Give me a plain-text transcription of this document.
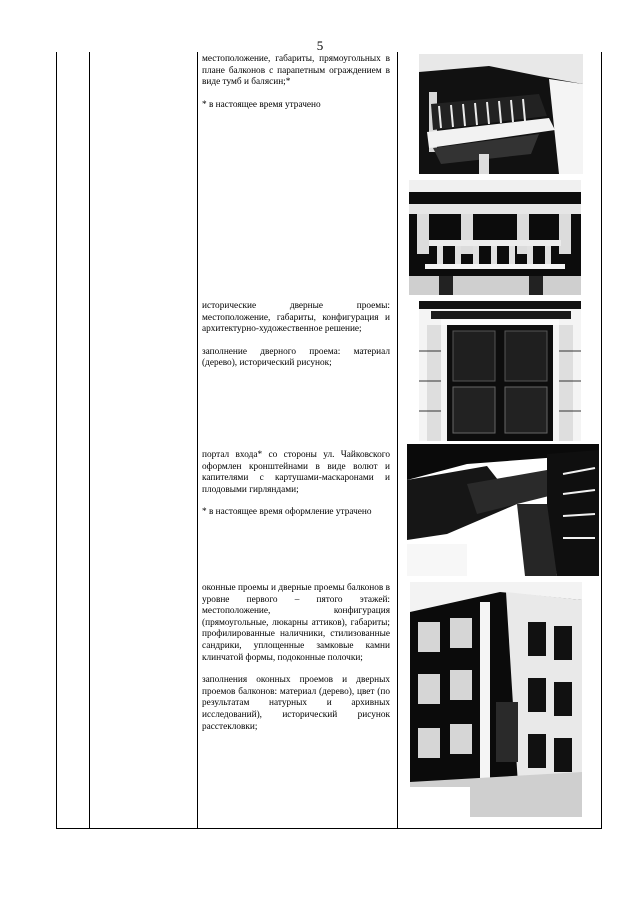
5

местоположение, габариты, прямоугольных в плане балконов с парапетным ограждением в виде тумб и балясин;*

* в настоящее время утрачено

исторические дверные проемы: местоположение, габариты, конфигурация и архитектурно-художественное решение;

заполнение дверного проема: материал (дерево), исторический рисунок;

портал входа* со стороны ул. Чайковского оформлен кронштейнами в виде волют и капителями с картушами-маскаронами и плодовыми гирляндами;

* в настоящее время оформление утрачено

оконные проемы и дверные проемы балконов в уровне первого – пятого этажей: местоположение, конфигурация (прямоугольные, люкарны аттиков), габариты; профилированные наличники, стилизованные сандрики, уплощенные замковые камни клинчатой формы, подоконные полочки;

заполнения оконных проемов и дверных проемов балконов: материал (дерево), цвет (по результатам натурных и архивных исследований), исторический рисунок расстекловки;
